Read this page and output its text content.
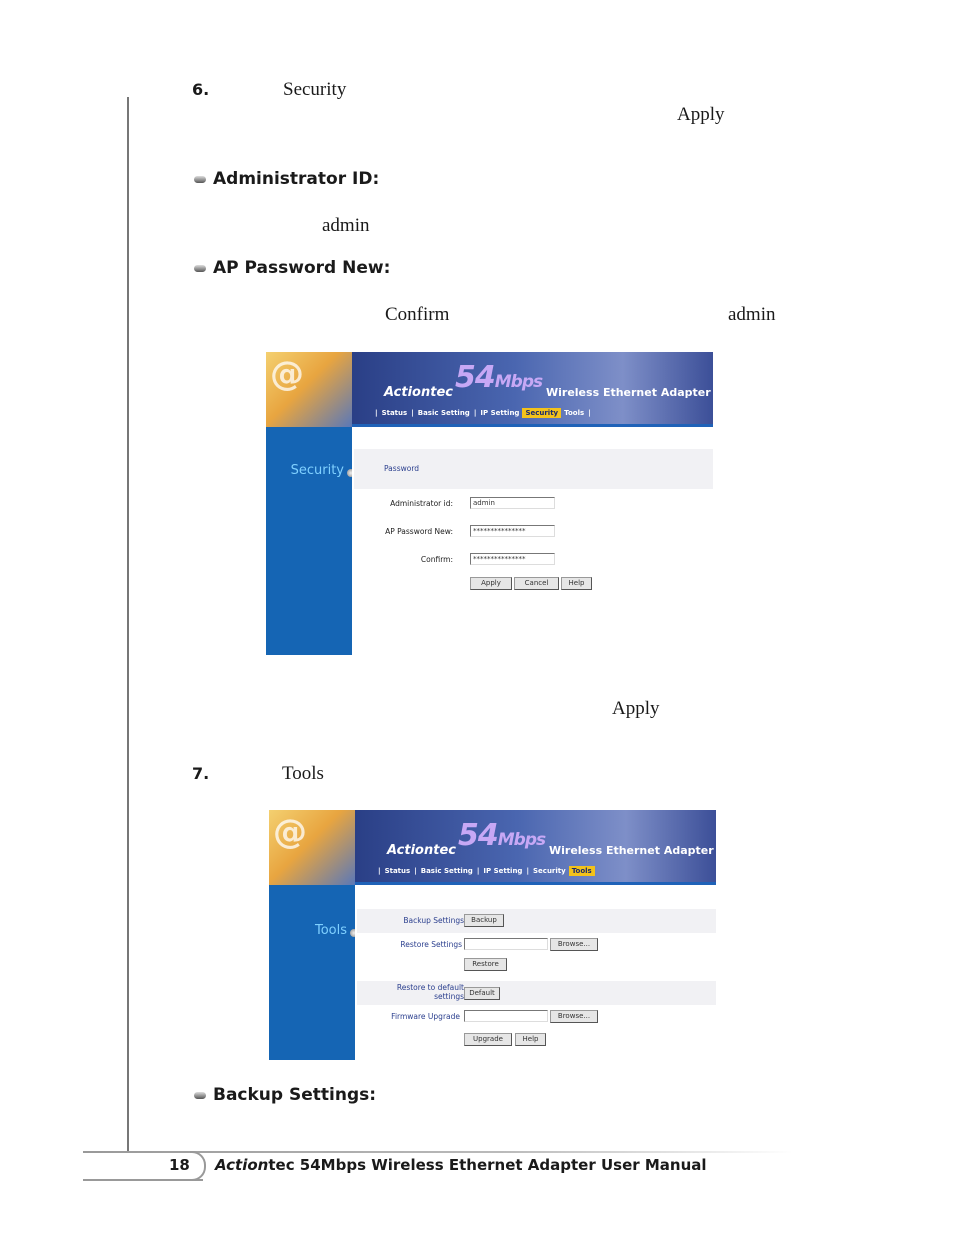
6.	Security
Apply
Administrator ID:
admin
AP Password New:
Confirm	admin
@	Actiontec 54Mbps
Wireless Ethernet Adapter
| Status | Basic Setting | IP Setting Security Tools |
Security	Password
Administrator id:	admin
AP Password New:	***************
Confirm:	***************
Apply	Cancel	Help
Apply
7.	Tools
@	Actiontec 54Mbps
Wireless Ethernet Adapter
| Status | Basic Setting | IP Setting | Security Tools
Tools
Backup Settings	Backup
Restore Settings	Browse...
Restore
Restore to default
settings Default
Firmware Upgrade	Browse...
Upgrade	Help
Backup Settings:
18 Actiontec 54Mbps Wireless Ethernet Adapter User Manual
